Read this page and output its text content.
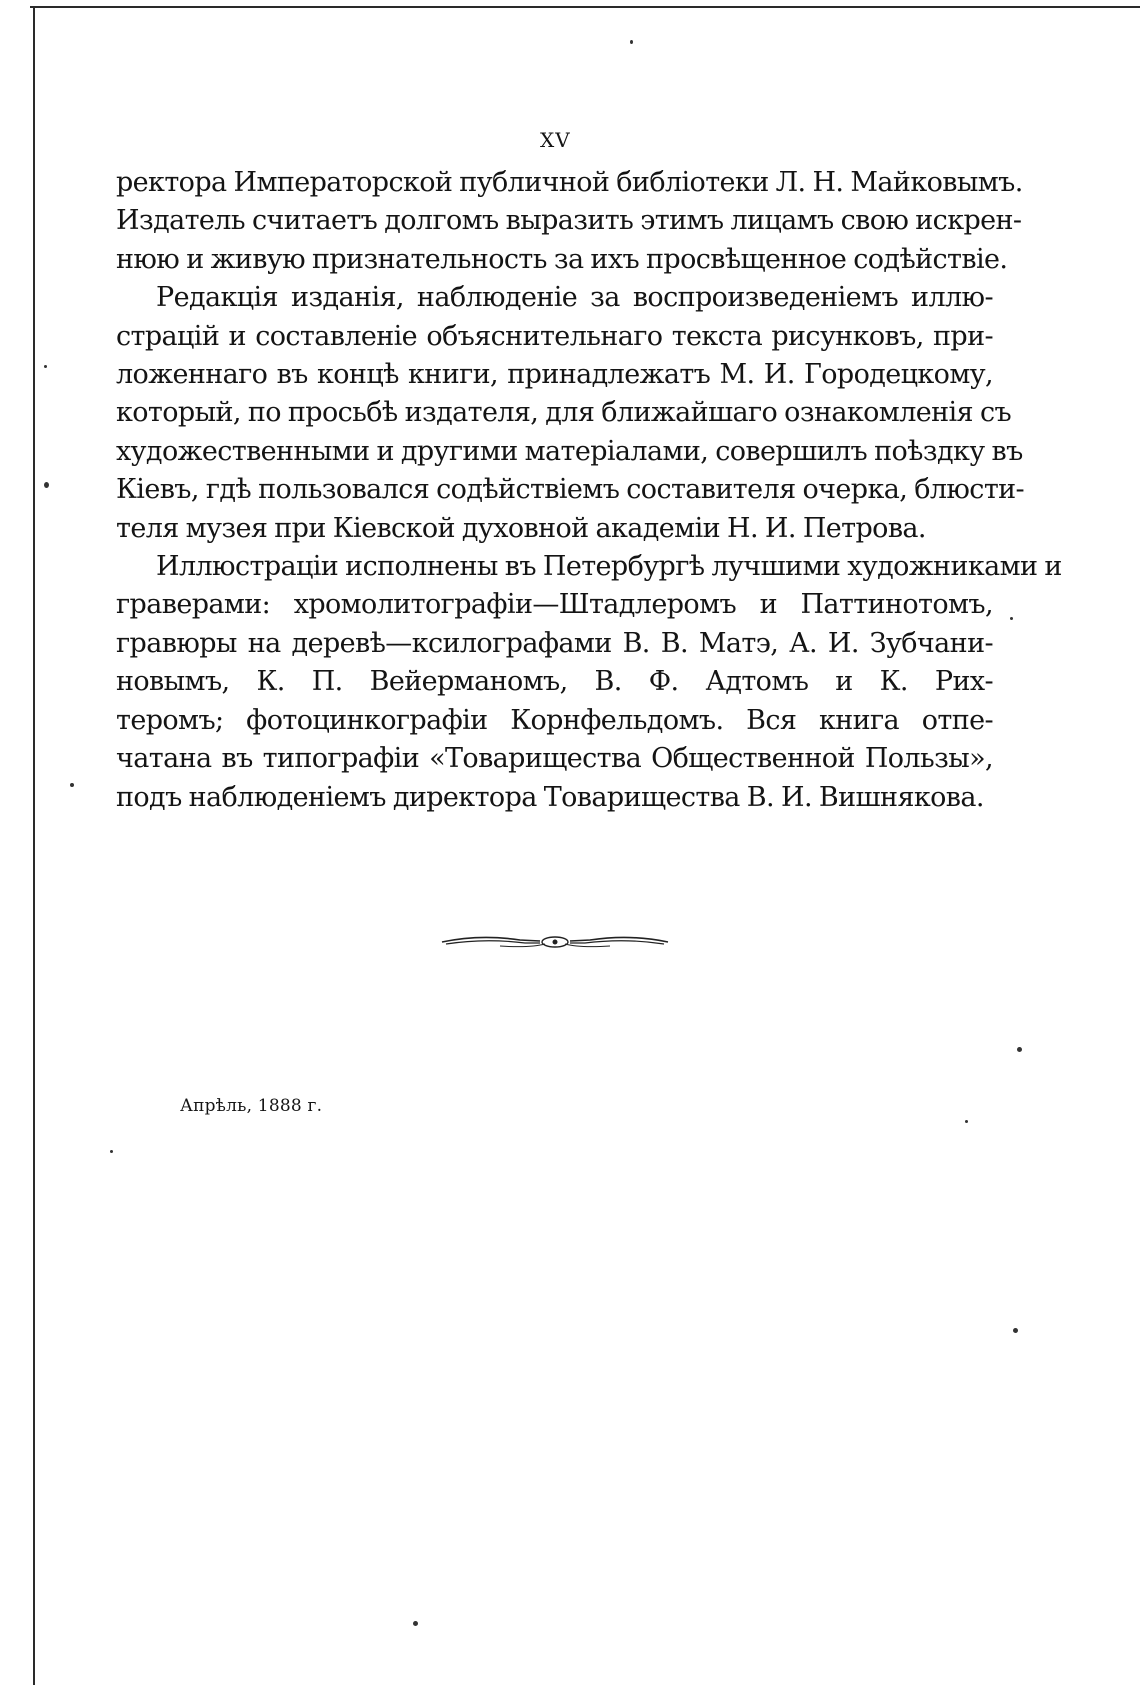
XV
ректора Императорской публичной библiотеки Л. Н. Майковымъ.
Издатель считаетъ долгомъ выразить этимъ лицамъ свою искрен-
нюю и живую признательность за ихъ просвѣщенное содѣйствiе.
Редакцiя изданiя, наблюденiе за воспроизведенiемъ иллю-
страцiй и составленiе объяснительнаго текста рисунковъ, при-
ложеннаго въ концѣ книги, принадлежатъ М. И. Городецкому,
который, по просьбѣ издателя, для ближайшаго ознакомленiя съ
художественными и другими матерiалами, совершилъ поѣздку въ
Кiевъ, гдѣ пользовался содѣйствiемъ составителя очерка, блюсти-
теля музея при Кiевской духовной академiи Н. И. Петрова.
Иллюстрацiи исполнены въ Петербургѣ лучшими художниками и
граверами: хромолитографiи—Штадлеромъ и Паттинотомъ,
гравюры на деревѣ—ксилографами В. В. Матэ, А. И. Зубчани-
новымъ, К. П. Вейерманомъ, В. Ф. Адтомъ и К. Рих-
теромъ; фотоцинкографiи Корнфельдомъ. Вся книга отпе-
чатана въ типографiи «Товарищества Общественной Пользы»,
подъ наблюденiемъ директора Товарищества В. И. Вишнякова.
Апрѣль, 1888 г.
